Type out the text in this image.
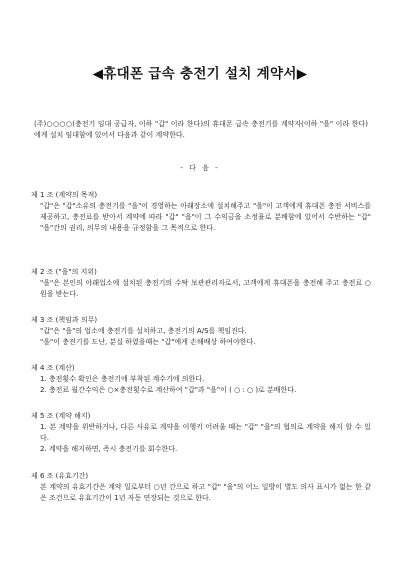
◀휴대폰 급속 충전기 설치 계약서▶

(주)○○○○(충전기 임대 공급자, 이하 "갑" 이라 한다)의 휴대폰 급속 충전기를 계약자(이하 "을" 이라 한다)에게 설치 임대함에 있어서 다음과 같이 계약한다.

- 다 음 -

제 1 조 (계약의 목적)

"갑"은 "갑"소유의 충전기를 "을"이 경영하는 아래장소에 설치해주고 "을"이 고객에게 휴대폰 충전 서비스를 제공하고, 충전료를 받아서 계약에 따라 "갑" "을"이 그 수익금을 소정율로 분배함에 있어서 수반하는 "갑" "을"간의 권리, 의무의 내용을 규정함을 그 목적으로 한다.

제 2 조 ("을"의 지위)

"을"은 본인의 야래업소에 설치된 충전기의 수탁 보관관리자로서, 고객에게 휴대폰을 충전해 주고 충전료 ○원을 받는다.

제 3 조 (책임과 의무)

"갑"은 "을"의 업소에 충전기를 설치하고, 충전기의 A/S를 책임진다.

"을"이 충전기를 도난, 분실 하였을때는 "갑"에게 손해배상 하여야한다.

제 4 조 (계산)

1. 충전횟수 확인은 충전기에 부착된 계수기에 의한다.
2. 충전료 월간수익은 ○×충전횟수로 계산하여 "갑"과 "을"이 ( ○ : ○ )로 분배한다.

제 5 조 (계약 해지)

1. 본 계약을 위반하거나, 다른 사유로 계약을 이행키 어려울 때는 "갑" "을"의 협의로 계약을 해지 할 수 있다.
2. 계약을 해지하면, 즉시 충전기를 회수한다.

제 6 조 (유효기간)

본 계약의 유효기간은 계약 일로부터 ○년 간으로 하고 "갑" "을"의 어느 일방이 별도 의사 표시가 없는 한 같은 조건으로 유효기간이 1년 자동 연장되는 것으로 한다.
